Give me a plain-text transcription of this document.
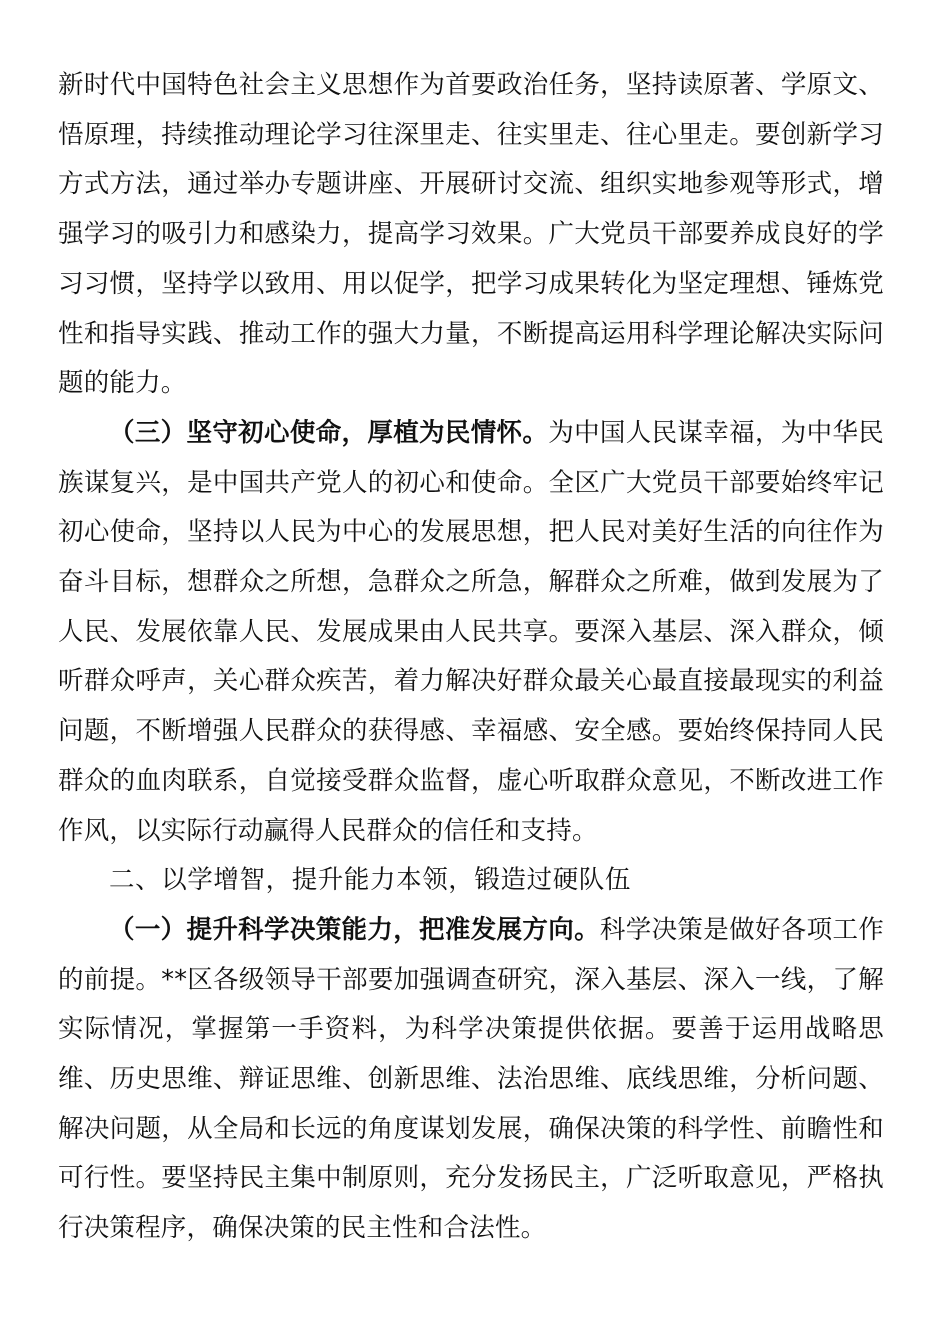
新时代中国特色社会主义思想作为首要政治任务，坚持读原著、学原文、悟原理，持续推动理论学习往深里走、往实里走、往心里走。要创新学习方式方法，通过举办专题讲座、开展研讨交流、组织实地参观等形式，增强学习的吸引力和感染力，提高学习效果。广大党员干部要养成良好的学习习惯，坚持学以致用、用以促学，把学习成果转化为坚定理想、锤炼党性和指导实践、推动工作的强大力量，不断提高运用科学理论解决实际问题的能力。

（三）坚守初心使命，厚植为民情怀。为中国人民谋幸福，为中华民族谋复兴，是中国共产党人的初心和使命。全区广大党员干部要始终牢记初心使命，坚持以人民为中心的发展思想，把人民对美好生活的向往作为奋斗目标，想群众之所想，急群众之所急，解群众之所难，做到发展为了人民、发展依靠人民、发展成果由人民共享。要深入基层、深入群众，倾听群众呼声，关心群众疾苦，着力解决好群众最关心最直接最现实的利益问题，不断增强人民群众的获得感、幸福感、安全感。要始终保持同人民群众的血肉联系，自觉接受群众监督，虚心听取群众意见，不断改进工作作风，以实际行动赢得人民群众的信任和支持。

二、以学增智，提升能力本领，锻造过硬队伍

（一）提升科学决策能力，把准发展方向。科学决策是做好各项工作的前提。**区各级领导干部要加强调查研究，深入基层、深入一线，了解实际情况，掌握第一手资料，为科学决策提供依据。要善于运用战略思维、历史思维、辩证思维、创新思维、法治思维、底线思维，分析问题、解决问题，从全局和长远的角度谋划发展，确保决策的科学性、前瞻性和可行性。要坚持民主集中制原则，充分发扬民主，广泛听取意见，严格执行决策程序，确保决策的民主性和合法性。
